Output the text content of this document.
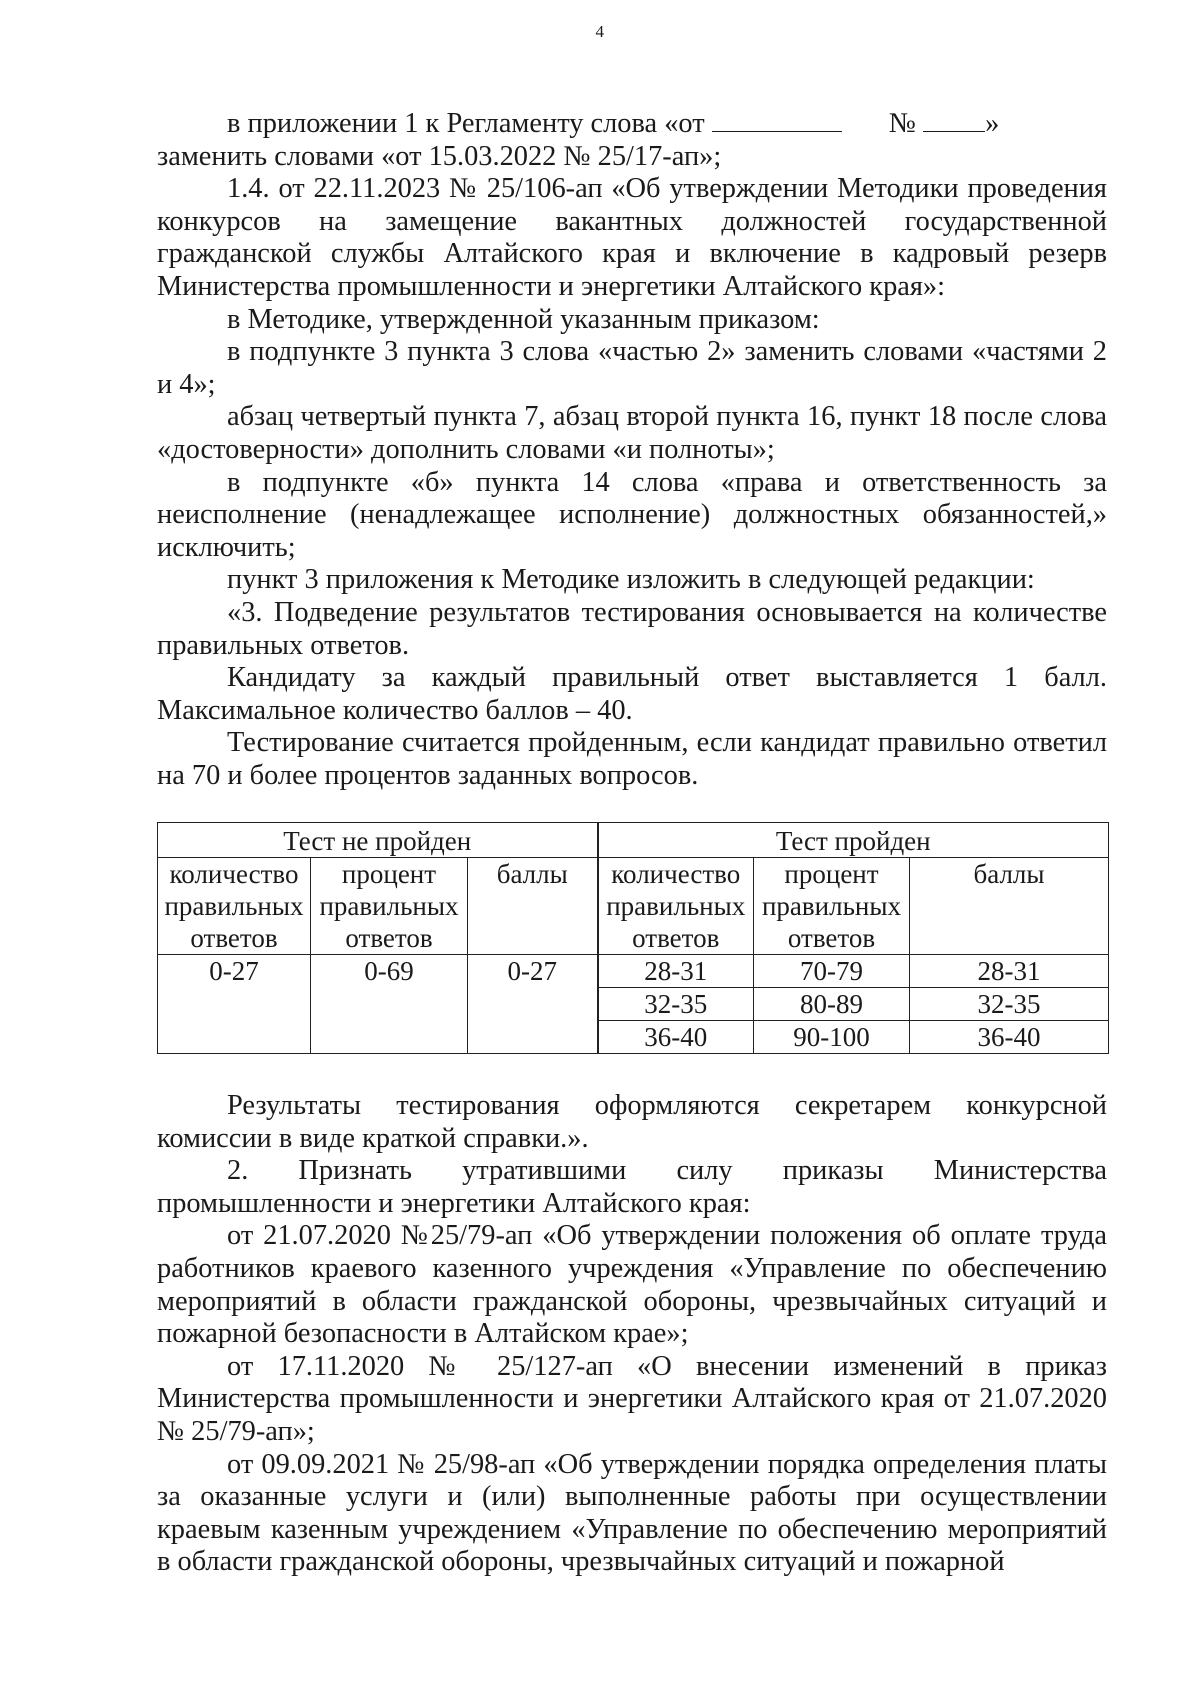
4

в приложении 1 к Регламенту слова «от	№ »

заменить словами «от 15.03.2022 № 25/17-ап»;

1.4. от 22.11.2023 № 25/106-ап «Об утверждении Методики проведения конкурсов на замещение вакантных должностей государственной гражданской службы Алтайского края и включение в кадровый резерв Министерства промышленности и энергетики Алтайского края»:

в Методике, утвержденной указанным приказом:

в подпункте 3 пункта 3 слова «частью 2» заменить словами «частями 2 и 4»;

абзац четвертый пункта 7, абзац второй пункта 16, пункт 18 после слова «достоверности» дополнить словами «и полноты»;

в подпункте «б» пункта 14 слова «права и ответственность за неисполнение (ненадлежащее исполнение) должностных обязанностей,» исключить;

пункт 3 приложения к Методике изложить в следующей редакции:

«3. Подведение результатов тестирования основывается на количестве правильных ответов.

Кандидату за каждый правильный ответ выставляется 1 балл. Максимальное количество баллов – 40.

Тестирование считается пройденным, если кандидат правильно ответил на 70 и более процентов заданных вопросов.

Тест не пройден			Тест пройден		
количество правильных ответов	процент правильных ответов	баллы	количество правильных ответов	процент правильных ответов	баллы
0-27	0-69	0-27	28-31	70-79	28-31
			32-35	80-89	32-35
			36-40	90-100	36-40

Результаты тестирования оформляются секретарем конкурсной комиссии в виде краткой справки.».

2. Признать утратившими силу приказы Министерства промышленности и энергетики Алтайского края:

от 21.07.2020 №25/79-ап «Об утверждении положения об оплате труда работников краевого казенного учреждения «Управление по обеспечению мероприятий в области гражданской обороны, чрезвычайных ситуаций и пожарной безопасности в Алтайском крае»;

от 17.11.2020 № 25/127-ап «О внесении изменений в приказ Министерства промышленности и энергетики Алтайского края от 21.07.2020 № 25/79-ап»;

от 09.09.2021 № 25/98-ап «Об утверждении порядка определения платы за оказанные услуги и (или) выполненные работы при осуществлении краевым казенным учреждением «Управление по обеспечению мероприятий в области гражданской обороны, чрезвычайных ситуаций и пожарной
